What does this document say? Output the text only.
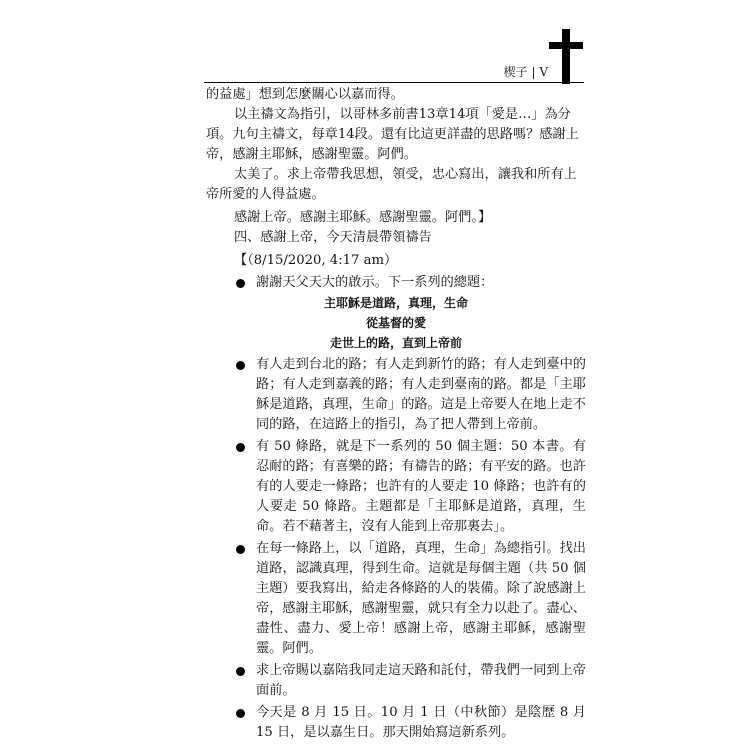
楔子 | V

的益處」想到怎麼關心以嘉而得。

以主禱文為指引，以哥林多前書13章14項「愛是…」為分項。九句主禱文，每章14段。還有比這更詳盡的思路嗎？感謝上帝，感謝主耶穌，感謝聖靈。阿們。

太美了。求上帝帶我思想，領受，忠心寫出，讓我和所有上帝所愛的人得益處。

感謝上帝。感謝主耶穌。感謝聖靈。阿們。】

四、感謝上帝，今天清晨帶領禱告

【（8/15/2020, 4:17 am）

謝謝天父天大的啟示。下一系列的總題：

主耶穌是道路，真理，生命

從基督的愛

走世上的路，直到上帝前

有人走到台北的路；有人走到新竹的路；有人走到臺中的路；有人走到嘉義的路；有人走到臺南的路。都是「主耶穌是道路，真理，生命」的路。這是上帝要人在地上走不同的路，在這路上的指引，為了把人帶到上帝前。
有 50 條路，就是下一系列的 50 個主題：50 本書。有忍耐的路；有喜樂的路；有禱告的路；有平安的路。也許有的人要走一條路；也許有的人要走 10 條路；也許有的人要走 50 條路。主題都是「主耶穌是道路，真理，生命。若不藉著主，沒有人能到上帝那裏去」。
在每一條路上，以「道路，真理，生命」為總指引。找出道路，認識真理，得到生命。這就是每個主題（共 50 個主題）要我寫出，給走各條路的人的裝備。除了說感謝上帝，感謝主耶穌，感謝聖靈，就只有全力以赴了。盡心、盡性、盡力、愛上帝！感謝上帝，感謝主耶穌，感謝聖靈。阿們。
求上帝賜以嘉陪我同走這天路和託付，帶我們一同到上帝面前。
今天是 8 月 15 日。10 月 1 日（中秋節）是陰歷 8 月 15 日，是以嘉生日。那天開始寫這新系列。
